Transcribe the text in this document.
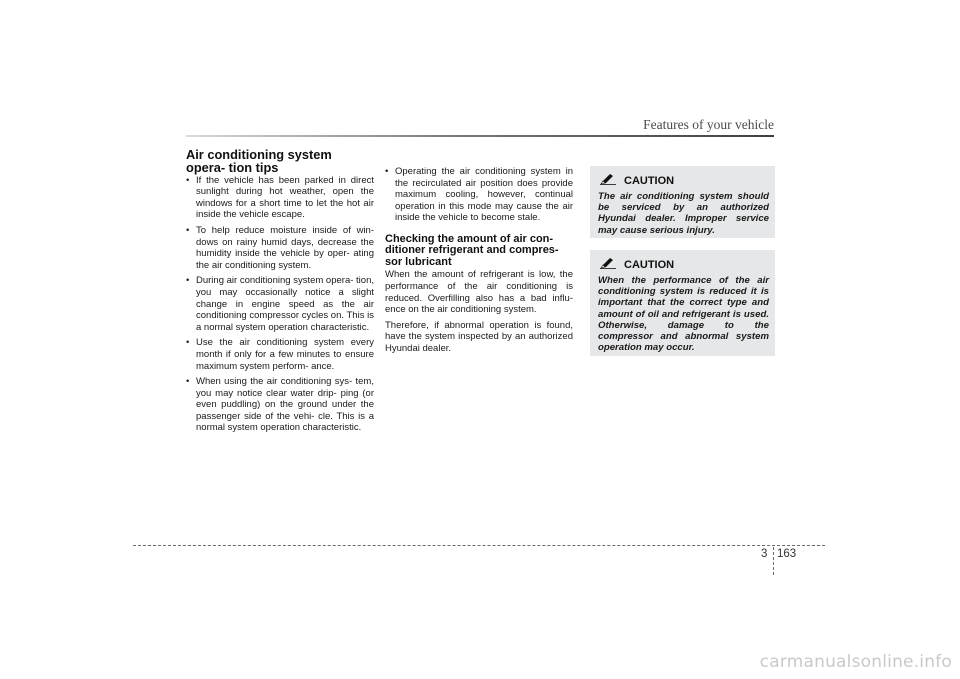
Features of your vehicle
Air conditioning system opera- tion tips
• If the vehicle has been parked in direct sunlight during hot weather, open the windows for a short time to let the hot air inside the vehicle escape.
• To help reduce moisture inside of win- dows on rainy humid days, decrease the humidity inside the vehicle by oper- ating the air conditioning system.
• During air conditioning system opera- tion, you may occasionally notice a slight change in engine speed as the air conditioning compressor cycles on. This is a normal system operation characteristic.
• Use the air conditioning system every month if only for a few minutes to ensure maximum system perform- ance.
• When using the air conditioning sys- tem, you may notice clear water drip- ping (or even puddling) on the ground under the passenger side of the vehi- cle. This is a normal system operation characteristic.
• Operating the air conditioning system in the recirculated air position does provide maximum cooling, however, continual operation in this mode may cause the air inside the vehicle to become stale.
Checking the amount of air con- ditioner refrigerant and compres- sor lubricant

When the amount of refrigerant is low, the performance of the air conditioning is reduced. Overfilling also has a bad influ- ence on the air conditioning system.

Therefore, if abnormal operation is found, have the system inspected by an authorized Hyundai dealer.

CAUTION

The air conditioning system should be serviced by an authorized Hyundai dealer. Improper service may cause serious injury.

CAUTION

When the performance of the air conditioning system is reduced it is important that the correct type and amount of oil and refrigerant is used. Otherwise, damage to the compressor and abnormal system operation may occur.

3 163
carmanualsonline.info
